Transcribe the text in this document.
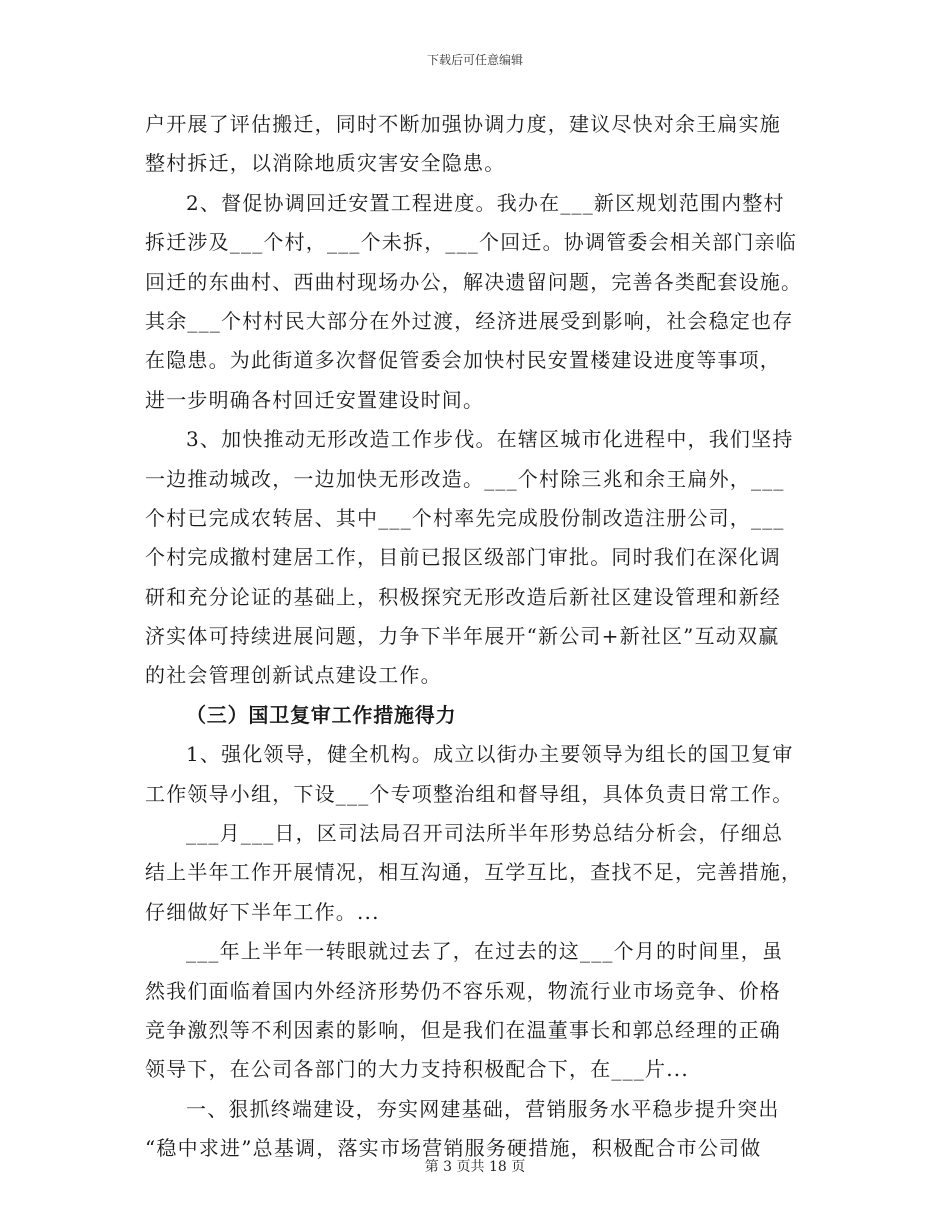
下载后可任意编辑
户开展了评估搬迁，同时不断加强协调力度，建议尽快对余王扁实施
整村拆迁，以消除地质灾害安全隐患。
2、督促协调回迁安置工程进度。我办在___新区规划范围内整村
拆迁涉及___个村，___个未拆，___个回迁。协调管委会相关部门亲临
回迁的东曲村、西曲村现场办公，解决遗留问题，完善各类配套设施。
其余___个村村民大部分在外过渡，经济进展受到影响，社会稳定也存
在隐患。为此街道多次督促管委会加快村民安置楼建设进度等事项，
进一步明确各村回迁安置建设时间。
3、加快推动无形改造工作步伐。在辖区城市化进程中，我们坚持
一边推动城改，一边加快无形改造。___个村除三兆和余王扁外，___
个村已完成农转居、其中___个村率先完成股份制改造注册公司，___
个村完成撤村建居工作，目前已报区级部门审批。同时我们在深化调
研和充分论证的基础上，积极探究无形改造后新社区建设管理和新经
济实体可持续进展问题，力争下半年展开“新公司+新社区”互动双赢
的社会管理创新试点建设工作。
（三）国卫复审工作措施得力
1、强化领导，健全机构。成立以街办主要领导为组长的国卫复审
工作领导小组，下设___个专项整治组和督导组，具体负责日常工作。
___月___日，区司法局召开司法所半年形势总结分析会，仔细总
结上半年工作开展情况，相互沟通，互学互比，查找不足，完善措施，
仔细做好下半年工作。...
___年上半年一转眼就过去了，在过去的这___个月的时间里，虽
然我们面临着国内外经济形势仍不容乐观，物流行业市场竞争、价格
竞争激烈等不利因素的影响，但是我们在温董事长和郭总经理的正确
领导下，在公司各部门的大力支持积极配合下，在___片...
一、狠抓终端建设，夯实网建基础，营销服务水平稳步提升突出
“稳中求进”总基调，落实市场营销服务硬措施，积极配合市公司做
第 3 页共 18 页
